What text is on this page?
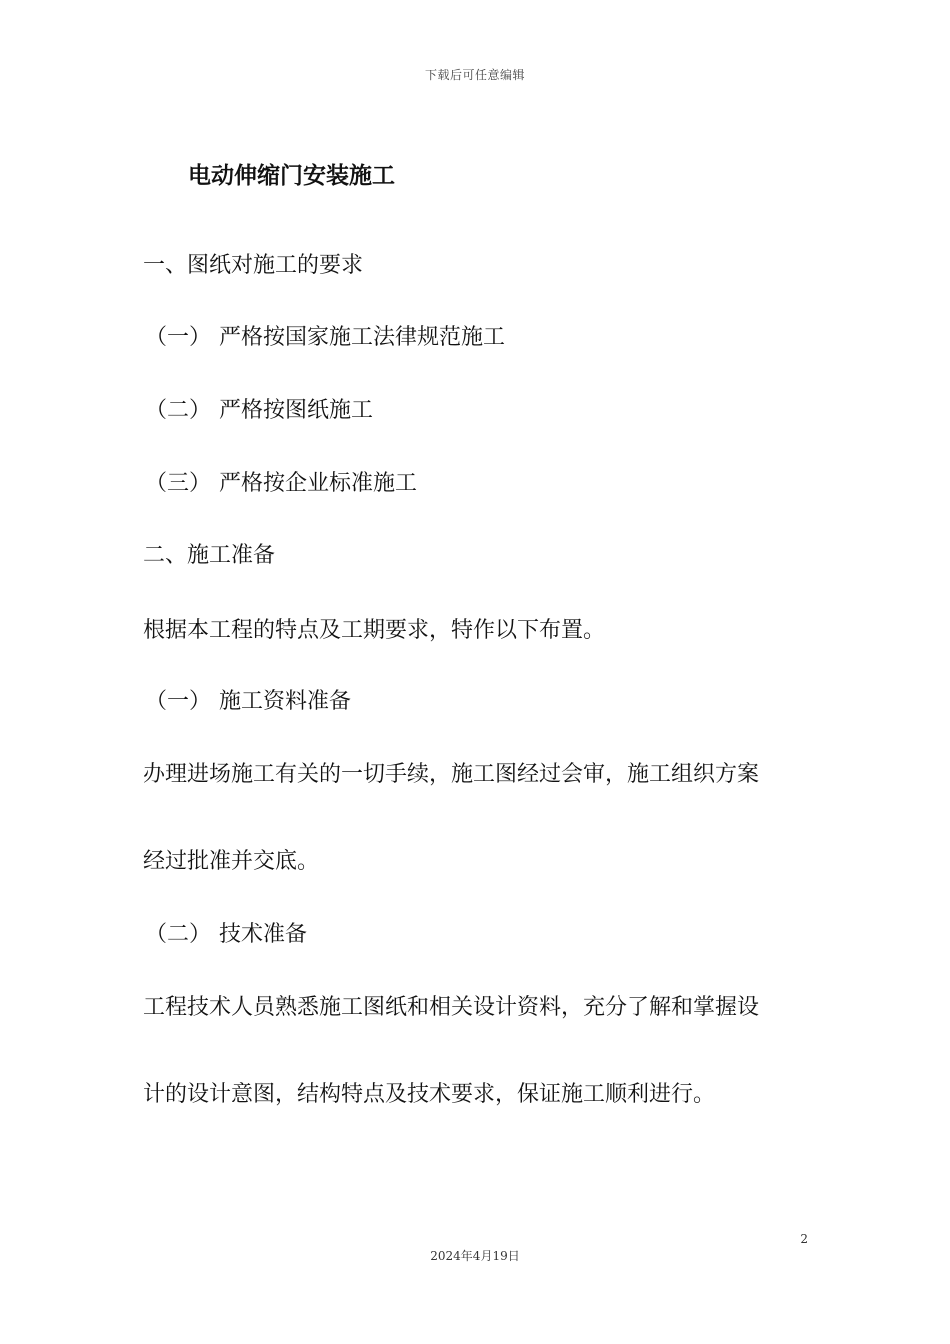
下载后可任意编辑
电动伸缩门安装施工
一、图纸对施工的要求
（一） 严格按国家施工法律规范施工
（二） 严格按图纸施工
（三） 严格按企业标准施工
二、施工准备
根据本工程的特点及工期要求，特作以下布置。
（一） 施工资料准备
办理进场施工有关的一切手续，施工图经过会审，施工组织方案
经过批准并交底。
（二） 技术准备
工程技术人员熟悉施工图纸和相关设计资料，充分了解和掌握设
计的设计意图，结构特点及技术要求，保证施工顺利进行。
2
2024年4月19日
